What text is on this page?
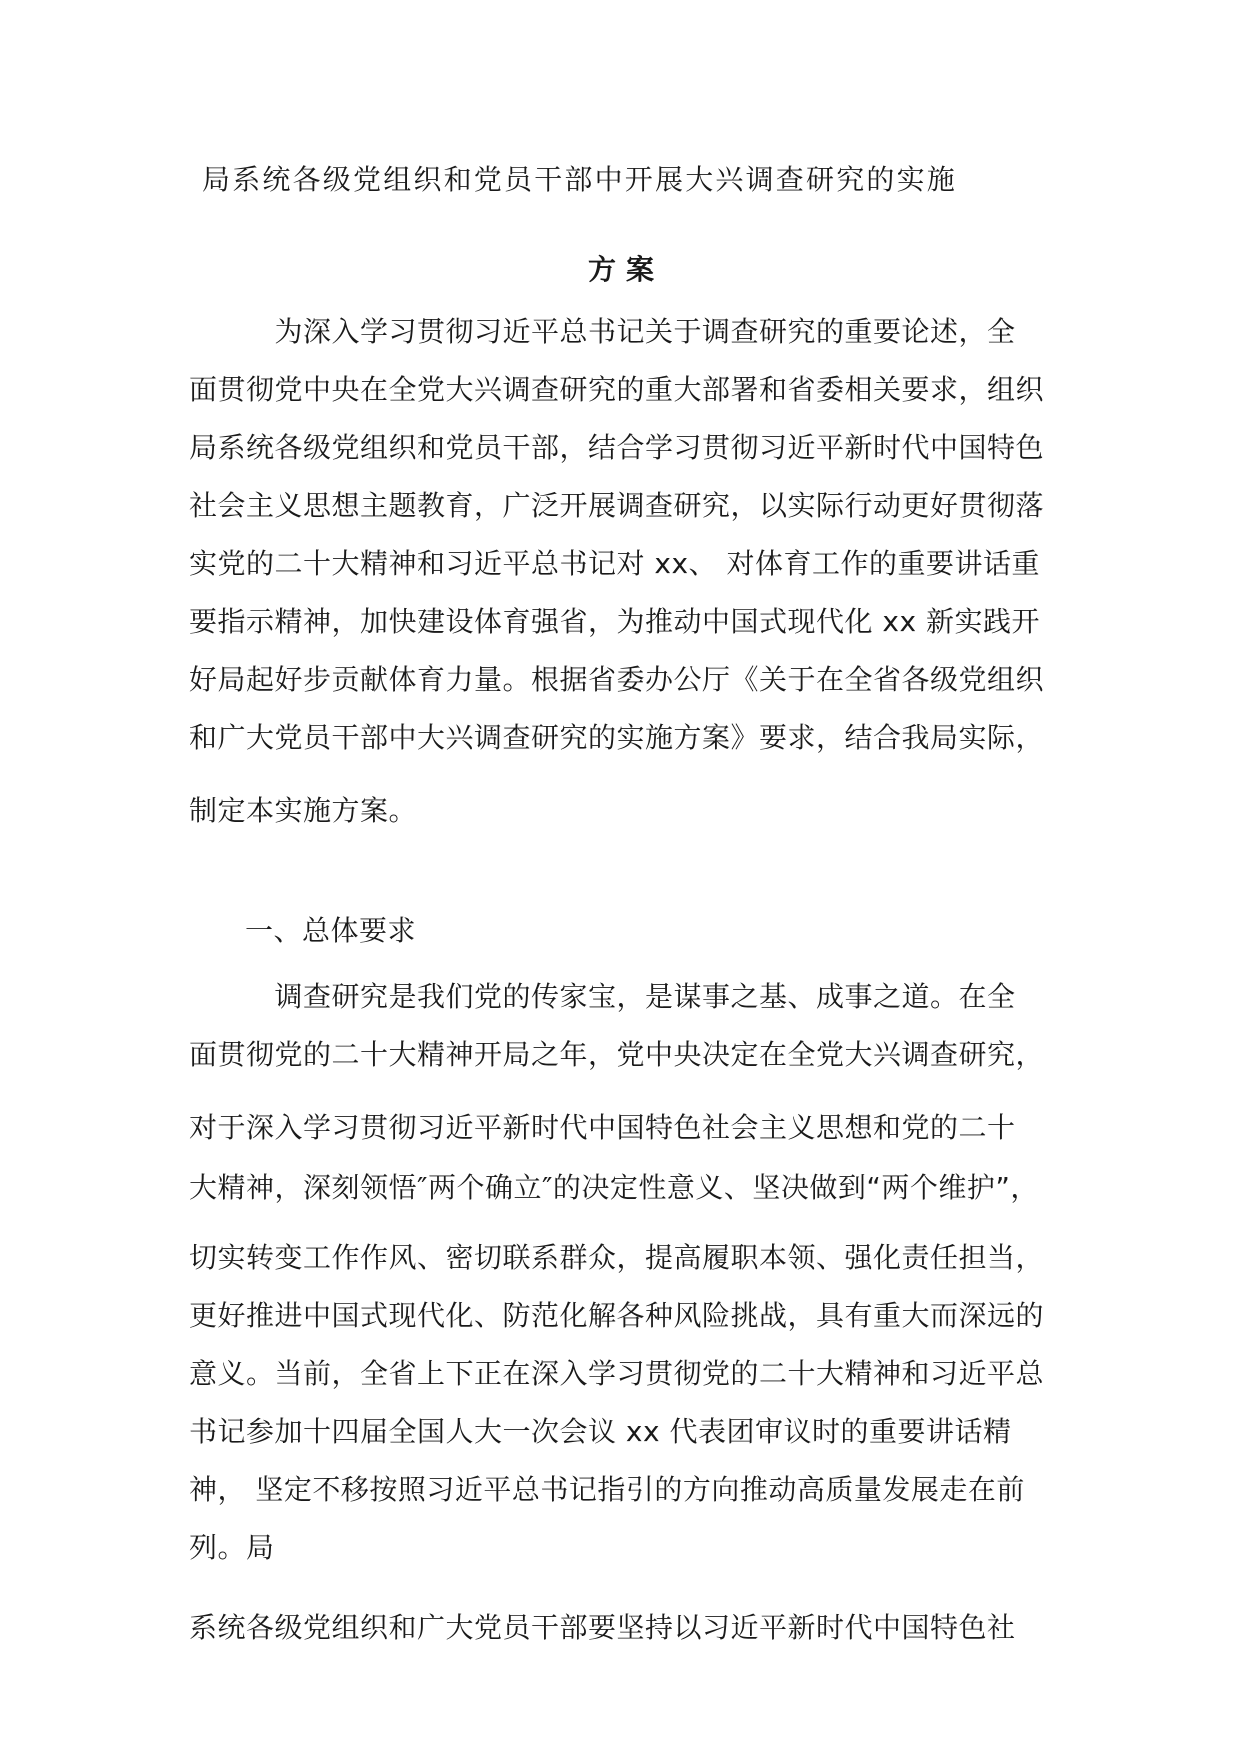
局系统各级党组织和党员干部中开展大兴调查研究的实施
方案
　　　为深入学习贯彻习近平总书记关于调查研究的重要论述，全
面贯彻党中央在全党大兴调查研究的重大部署和省委相关要求，组织
局系统各级党组织和党员干部，结合学习贯彻习近平新时代中国特色
社会主义思想主题教育，广泛开展调查研究，以实际行动更好贯彻落
实党的二十大精神和习近平总书记对 xx、 对体育工作的重要讲话重
要指示精神，加快建设体育强省，为推动中国式现代化 xx 新实践开
好局起好步贡献体育力量。根据省委办公厅《关于在全省各级党组织
和广大党员干部中大兴调查研究的实施方案》要求，结合我局实际，
制定本实施方案。
一、总体要求
　　　调查研究是我们党的传家宝，是谋事之基、成事之道。在全
面贯彻党的二十大精神开局之年，党中央决定在全党大兴调查研究，
对于深入学习贯彻习近平新时代中国特色社会主义思想和党的二十
大精神，深刻领悟″两个确立″的决定性意义、坚决做到“两个维护”，
切实转变工作作风、密切联系群众，提高履职本领、强化责任担当，
更好推进中国式现代化、防范化解各种风险挑战，具有重大而深远的
意义。当前，全省上下正在深入学习贯彻党的二十大精神和习近平总
书记参加十四届全国人大一次会议 xx 代表团审议时的重要讲话精
神， 坚定不移按照习近平总书记指引的方向推动高质量发展走在前
列。局
系统各级党组织和广大党员干部要坚持以习近平新时代中国特色社
